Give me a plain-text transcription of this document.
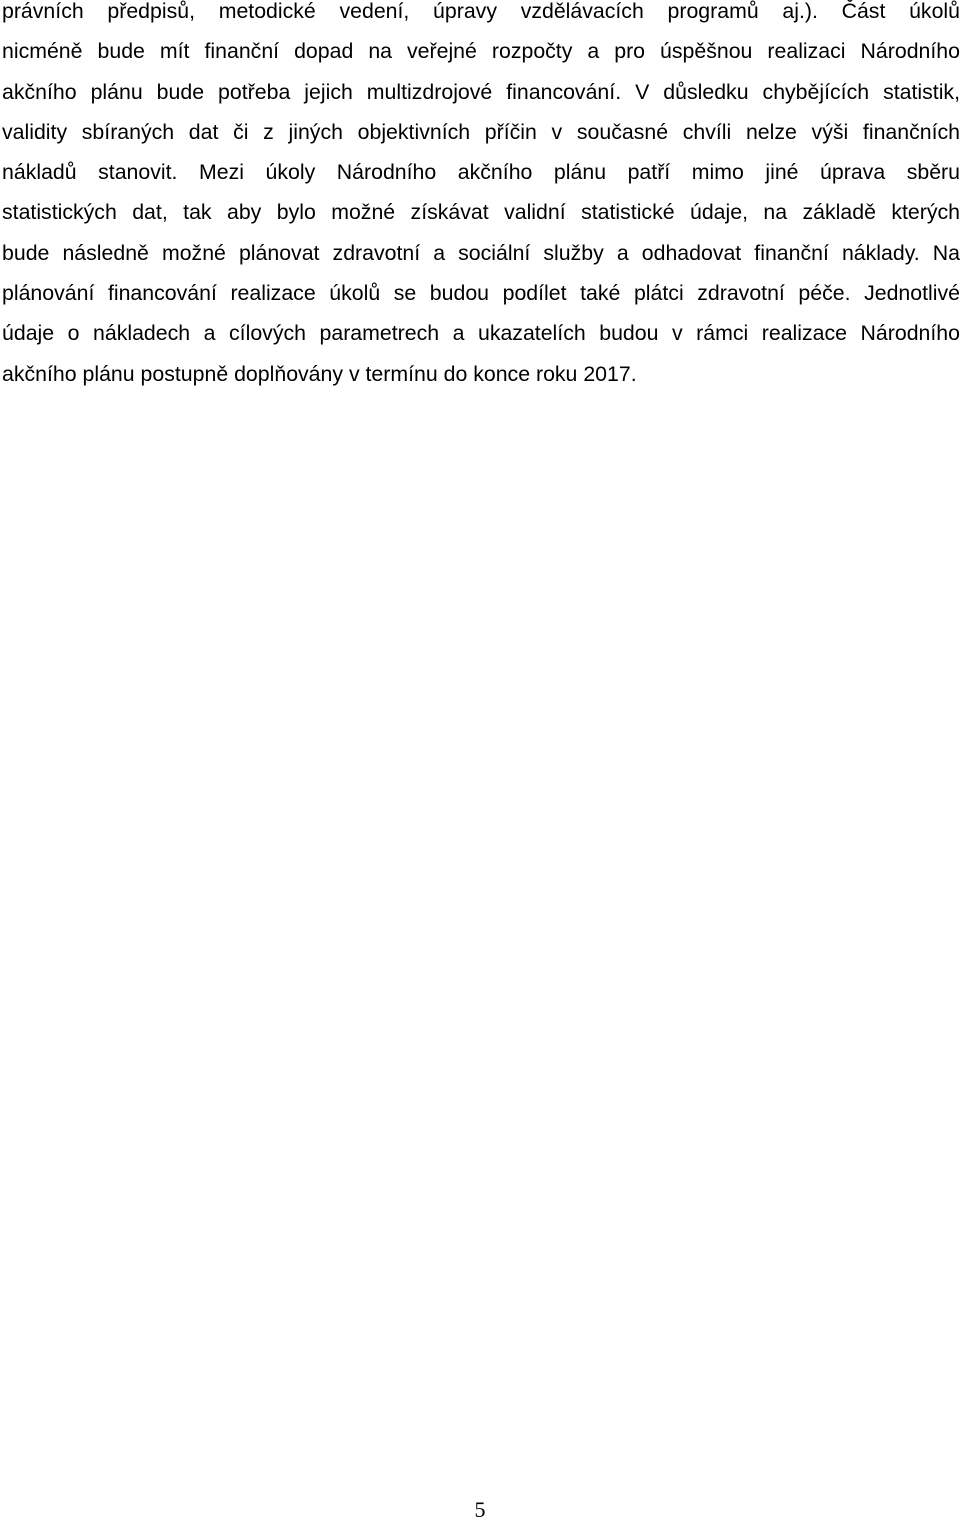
právních předpisů, metodické vedení, úpravy vzdělávacích programů aj.). Část úkolů
nicméně bude mít finanční dopad na veřejné rozpočty a pro úspěšnou realizaci Národního
akčního plánu bude potřeba jejich multizdrojové financování. V důsledku chybějících statistik,
validity sbíraných dat či z jiných objektivních příčin v současné chvíli nelze výši finančních
nákladů stanovit. Mezi úkoly Národního akčního plánu patří mimo jiné úprava sběru
statistických dat, tak aby bylo možné získávat validní statistické údaje, na základě kterých
bude následně možné plánovat zdravotní a sociální služby a odhadovat finanční náklady. Na
plánování financování realizace úkolů se budou podílet také plátci zdravotní péče. Jednotlivé
údaje o nákladech a cílových parametrech a ukazatelích budou v rámci realizace Národního
akčního plánu postupně doplňovány v termínu do konce roku 2017.

5
